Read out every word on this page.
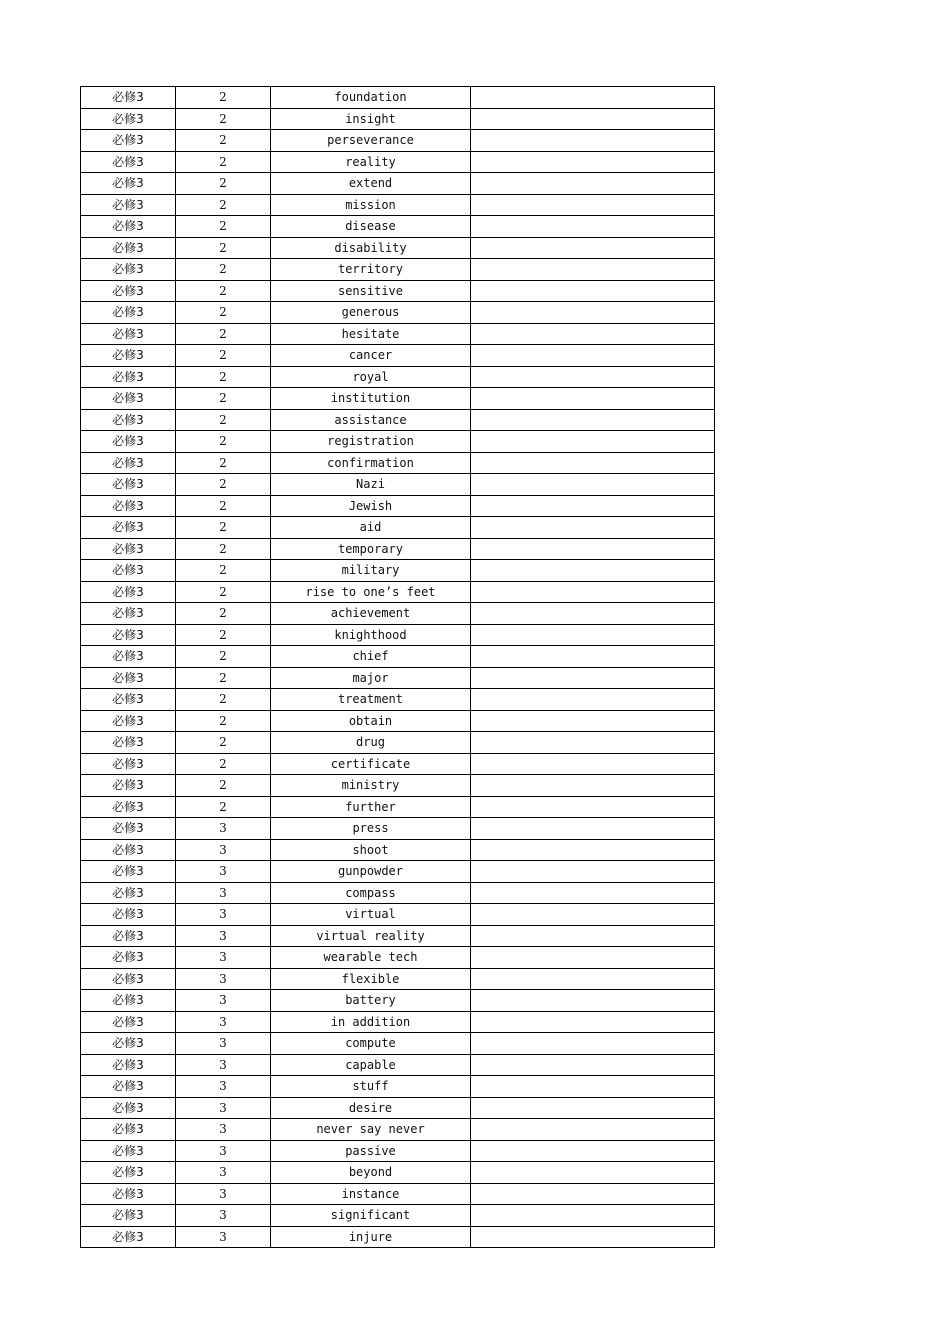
必修3	2	foundation	
必修3	2	insight	
必修3	2	perseverance	
必修3	2	reality	
必修3	2	extend	
必修3	2	mission	
必修3	2	disease	
必修3	2	disability	
必修3	2	territory	
必修3	2	sensitive	
必修3	2	generous	
必修3	2	hesitate	
必修3	2	cancer	
必修3	2	royal	
必修3	2	institution	
必修3	2	assistance	
必修3	2	registration	
必修3	2	confirmation	
必修3	2	Nazi	
必修3	2	Jewish	
必修3	2	aid	
必修3	2	temporary	
必修3	2	military	
必修3	2	rise to one’s feet	
必修3	2	achievement	
必修3	2	knighthood	
必修3	2	chief	
必修3	2	major	
必修3	2	treatment	
必修3	2	obtain	
必修3	2	drug	
必修3	2	certificate	
必修3	2	ministry	
必修3	2	further	
必修3	3	press	
必修3	3	shoot	
必修3	3	gunpowder	
必修3	3	compass	
必修3	3	virtual	
必修3	3	virtual reality	
必修3	3	wearable tech	
必修3	3	flexible	
必修3	3	battery	
必修3	3	in addition	
必修3	3	compute	
必修3	3	capable	
必修3	3	stuff	
必修3	3	desire	
必修3	3	never say never	
必修3	3	passive	
必修3	3	beyond	
必修3	3	instance	
必修3	3	significant	
必修3	3	injure	
